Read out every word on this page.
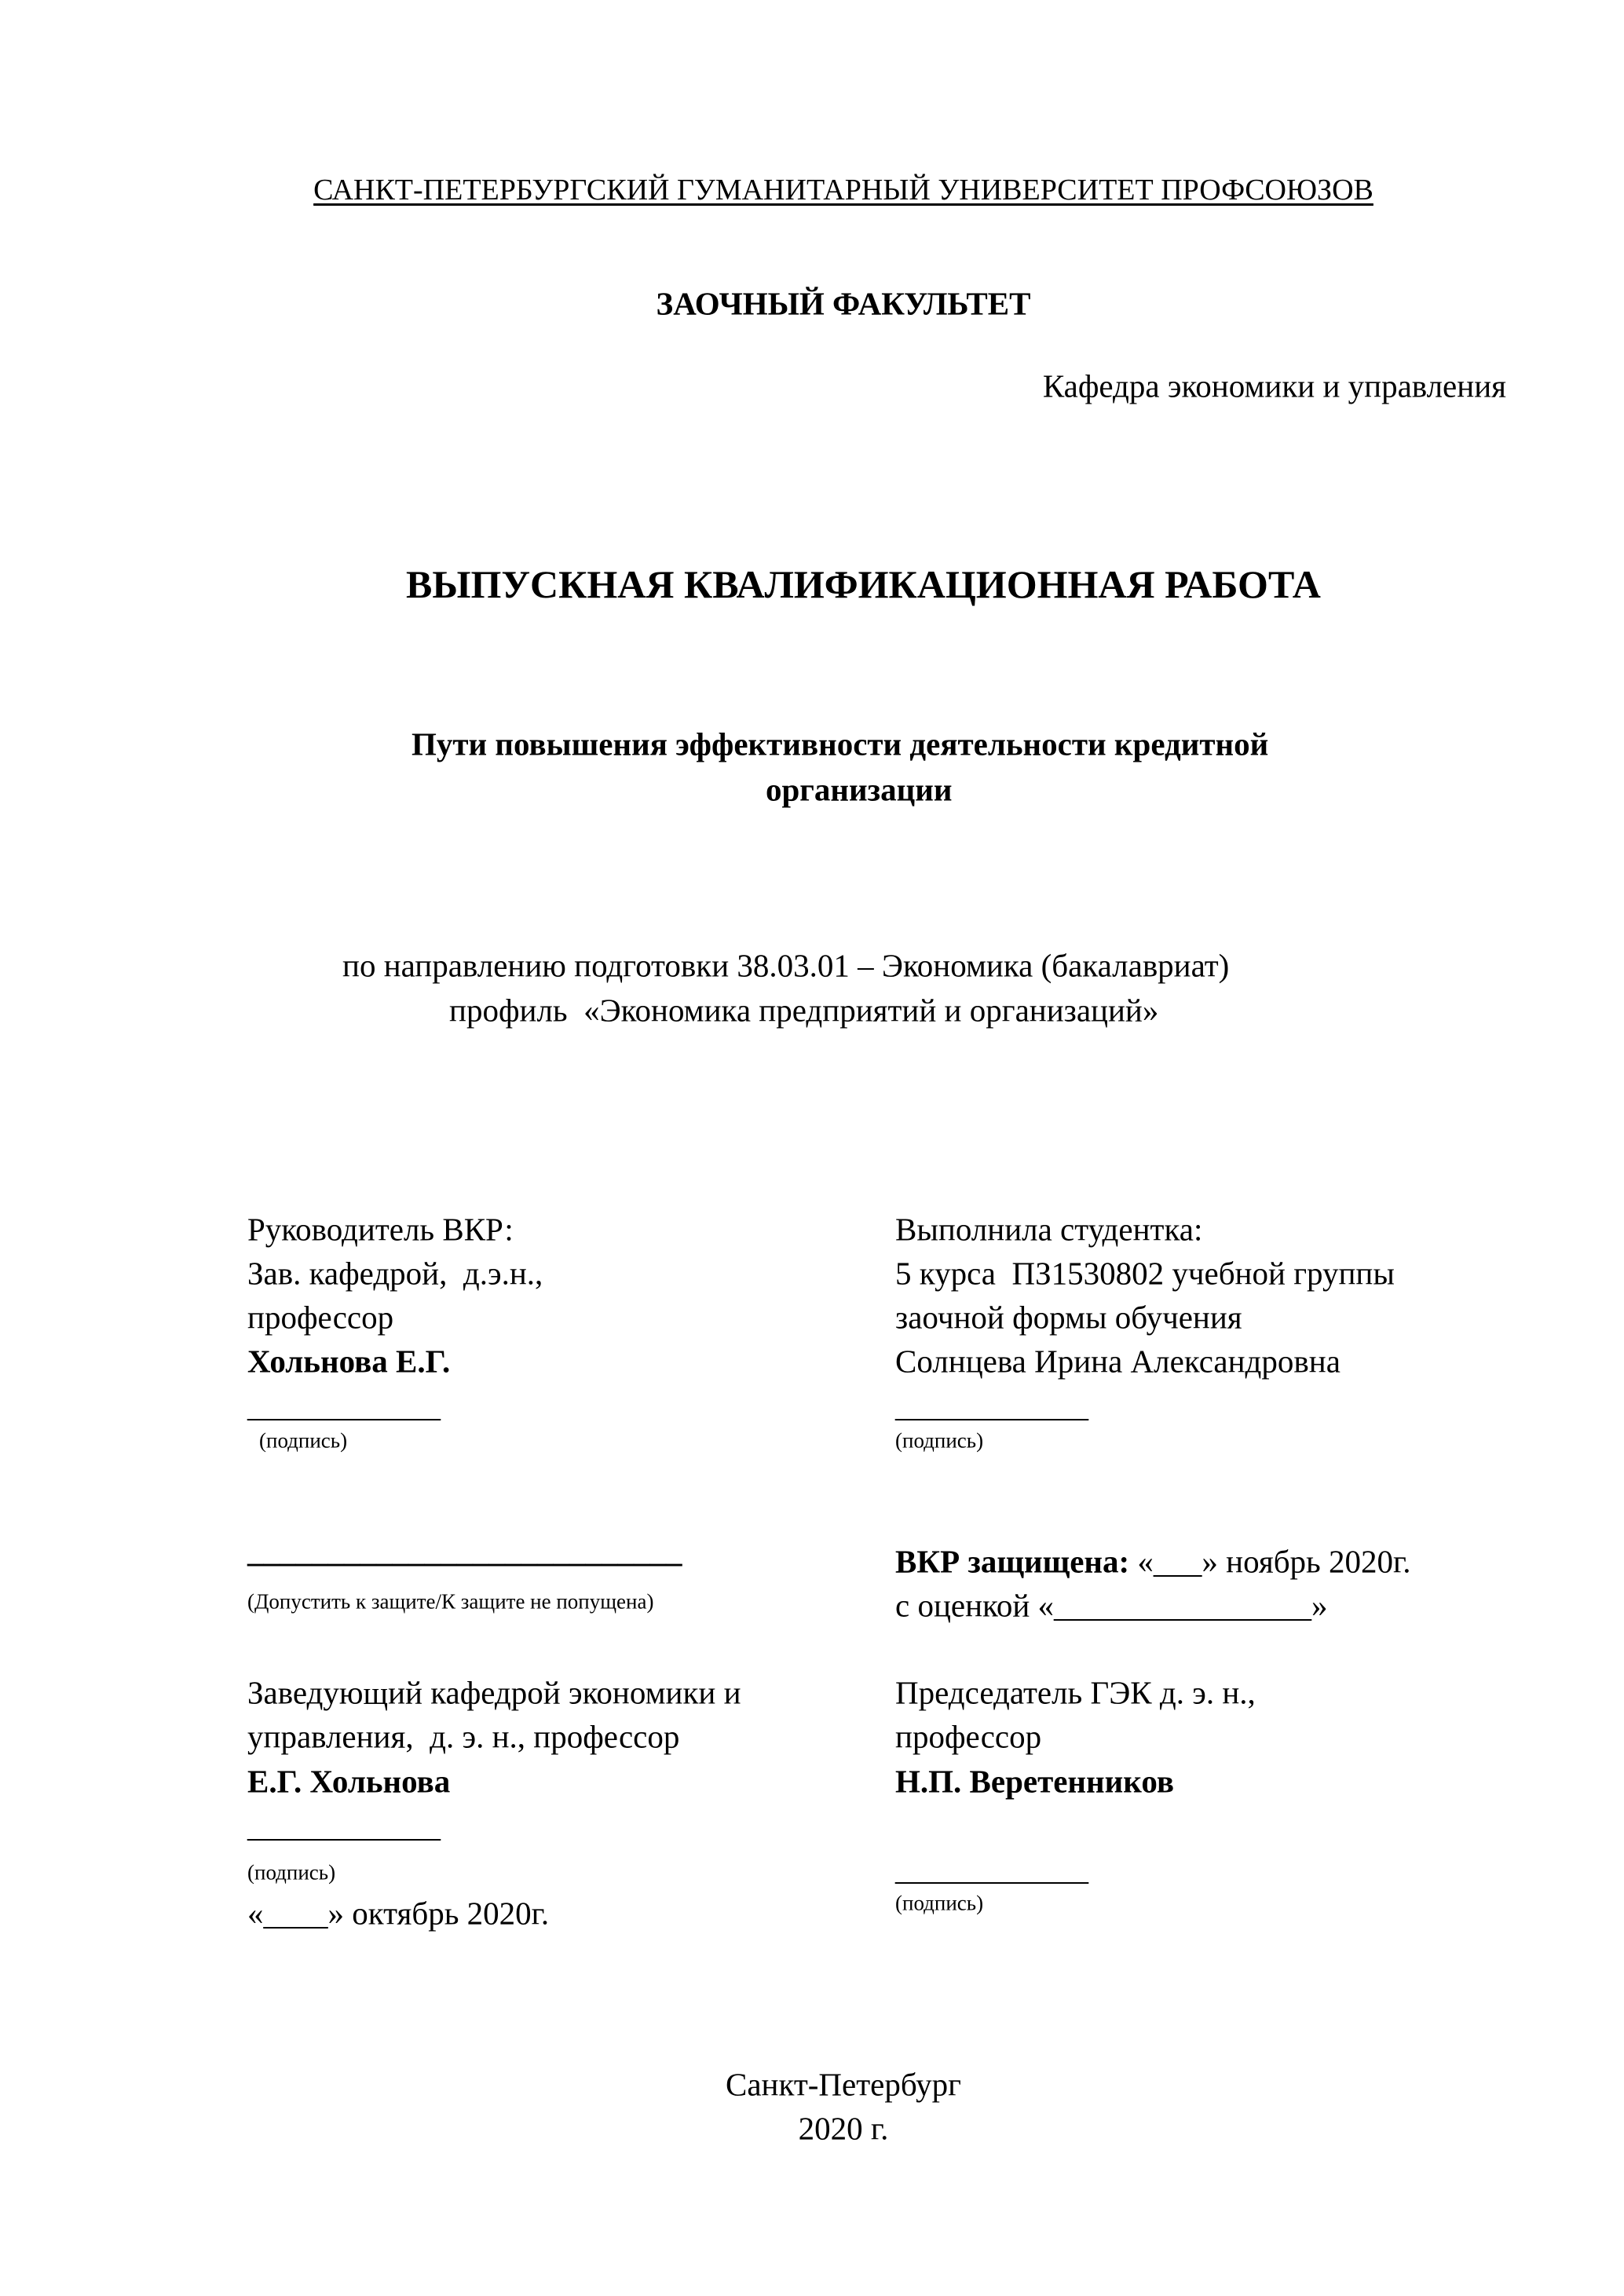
САНКТ-ПЕТЕРБУРГСКИЙ ГУМАНИТАРНЫЙ УНИВЕРСИТЕТ ПРОФСОЮЗОВ
ЗАОЧНЫЙ ФАКУЛЬТЕТ
Кафедра экономики и управления
ВЫПУСКНАЯ КВАЛИФИКАЦИОННАЯ РАБОТА
Пути повышения эффективности деятельности кредитной
организации
по направлению подготовки 38.03.01 – Экономика (бакалавриат)
профиль  «Экономика предприятий и организаций»
Руководитель ВКР:
Зав. кафедрой,  д.э.н.,
профессор
Хольнова Е.Г.
____________
(подпись)
___________________________
(Допустить к защите/К защите не попущена)
Заведующий кафедрой экономики и
управления,  д. э. н., профессор
Е.Г. Хольнова
____________
(подпись)
«____» октябрь 2020г.
Выполнила студентка:
5 курса  ПЗ1530802 учебной группы
заочной формы обучения
Солнцева Ирина Александровна
____________
(подпись)
ВКР защищена: «___» ноябрь 2020г.
с оценкой «________________»
Председатель ГЭК д. э. н.,
профессор
Н.П. Веретенников
____________
(подпись)
Санкт-Петербург
2020 г.
